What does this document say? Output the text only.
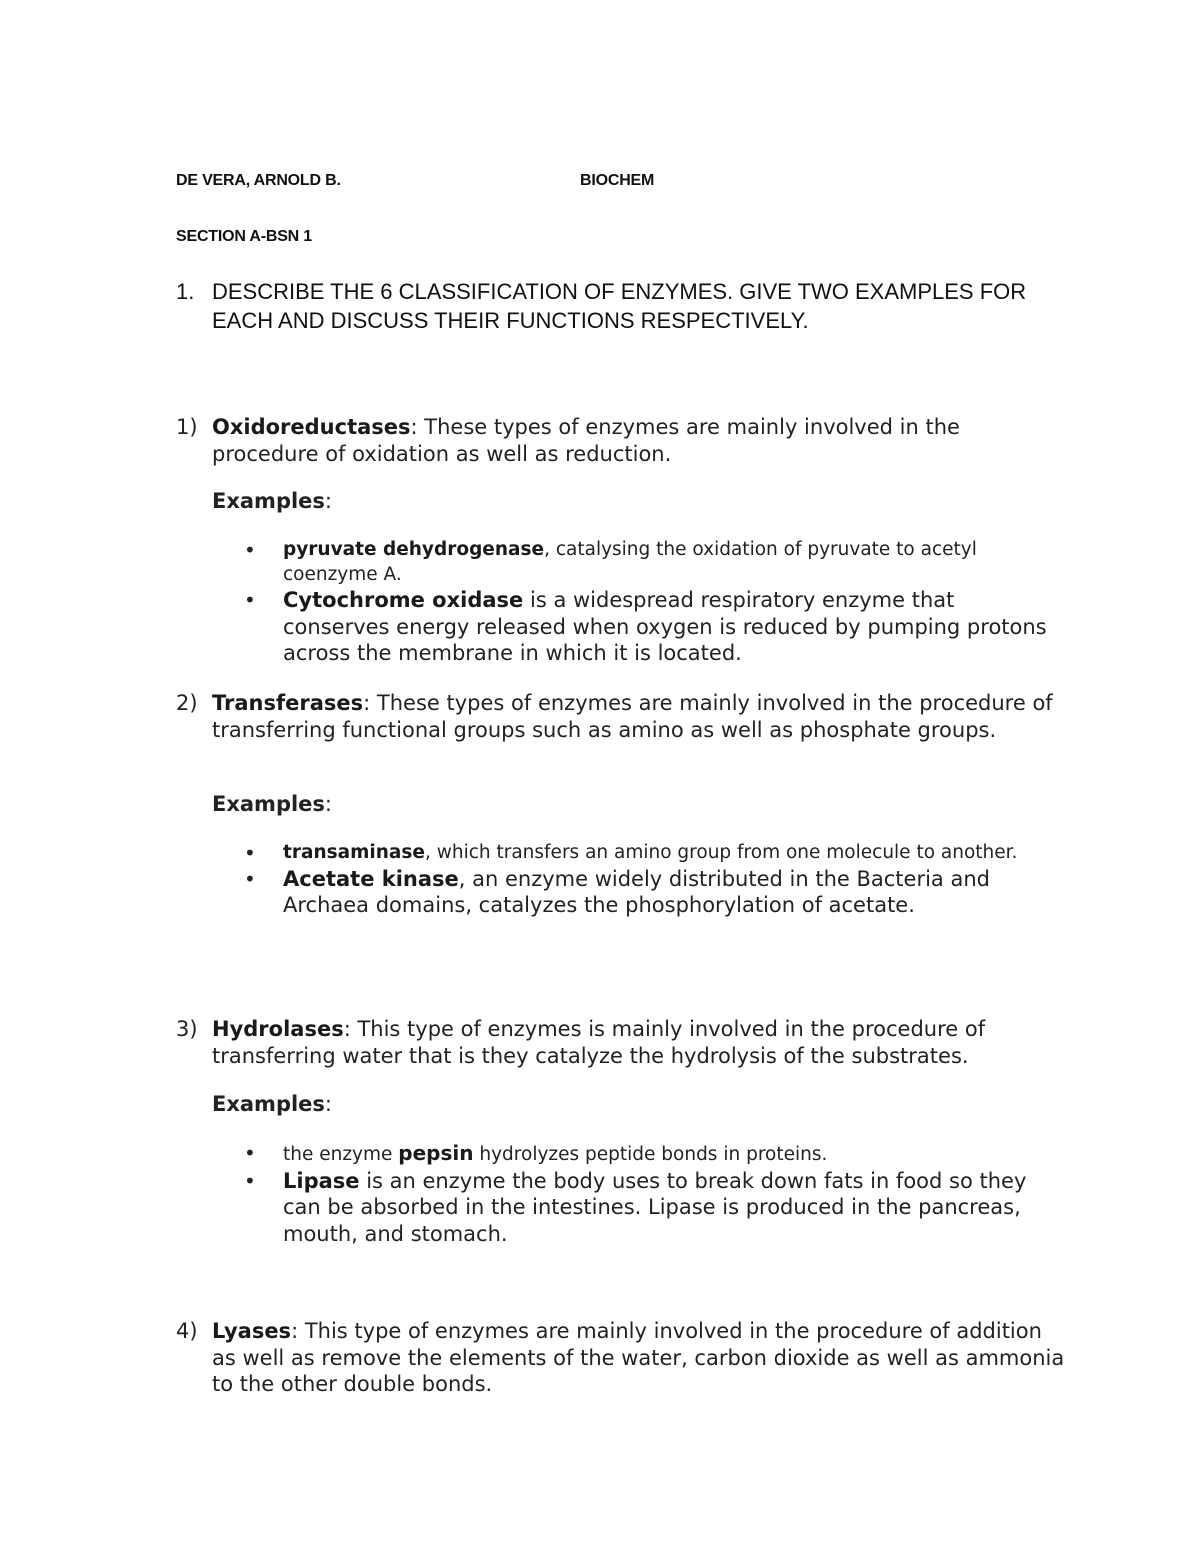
DE VERA, ARNOLD B.	BIOCHEM
SECTION A-BSN 1
1. DESCRIBE THE 6 CLASSIFICATION OF ENZYMES. GIVE TWO EXAMPLES FOR EACH AND DISCUSS THEIR FUNCTIONS RESPECTIVELY.
1) Oxidoreductases: These types of enzymes are mainly involved in the procedure of oxidation as well as reduction.
Examples:
• pyruvate dehydrogenase, catalysing the oxidation of pyruvate to acetyl coenzyme A.
• Cytochrome oxidase is a widespread respiratory enzyme that conserves energy released when oxygen is reduced by pumping protons across the membrane in which it is located.
2) Transferases: These types of enzymes are mainly involved in the procedure of transferring functional groups such as amino as well as phosphate groups.
Examples:
• transaminase, which transfers an amino group from one molecule to another.
• Acetate kinase, an enzyme widely distributed in the Bacteria and Archaea domains, catalyzes the phosphorylation of acetate.
3) Hydrolases: This type of enzymes is mainly involved in the procedure of transferring water that is they catalyze the hydrolysis of the substrates.
Examples:
• the enzyme pepsin hydrolyzes peptide bonds in proteins.
• Lipase is an enzyme the body uses to break down fats in food so they can be absorbed in the intestines. Lipase is produced in the pancreas, mouth, and stomach.
4) Lyases: This type of enzymes are mainly involved in the procedure of addition as well as remove the elements of the water, carbon dioxide as well as ammonia to the other double bonds.
